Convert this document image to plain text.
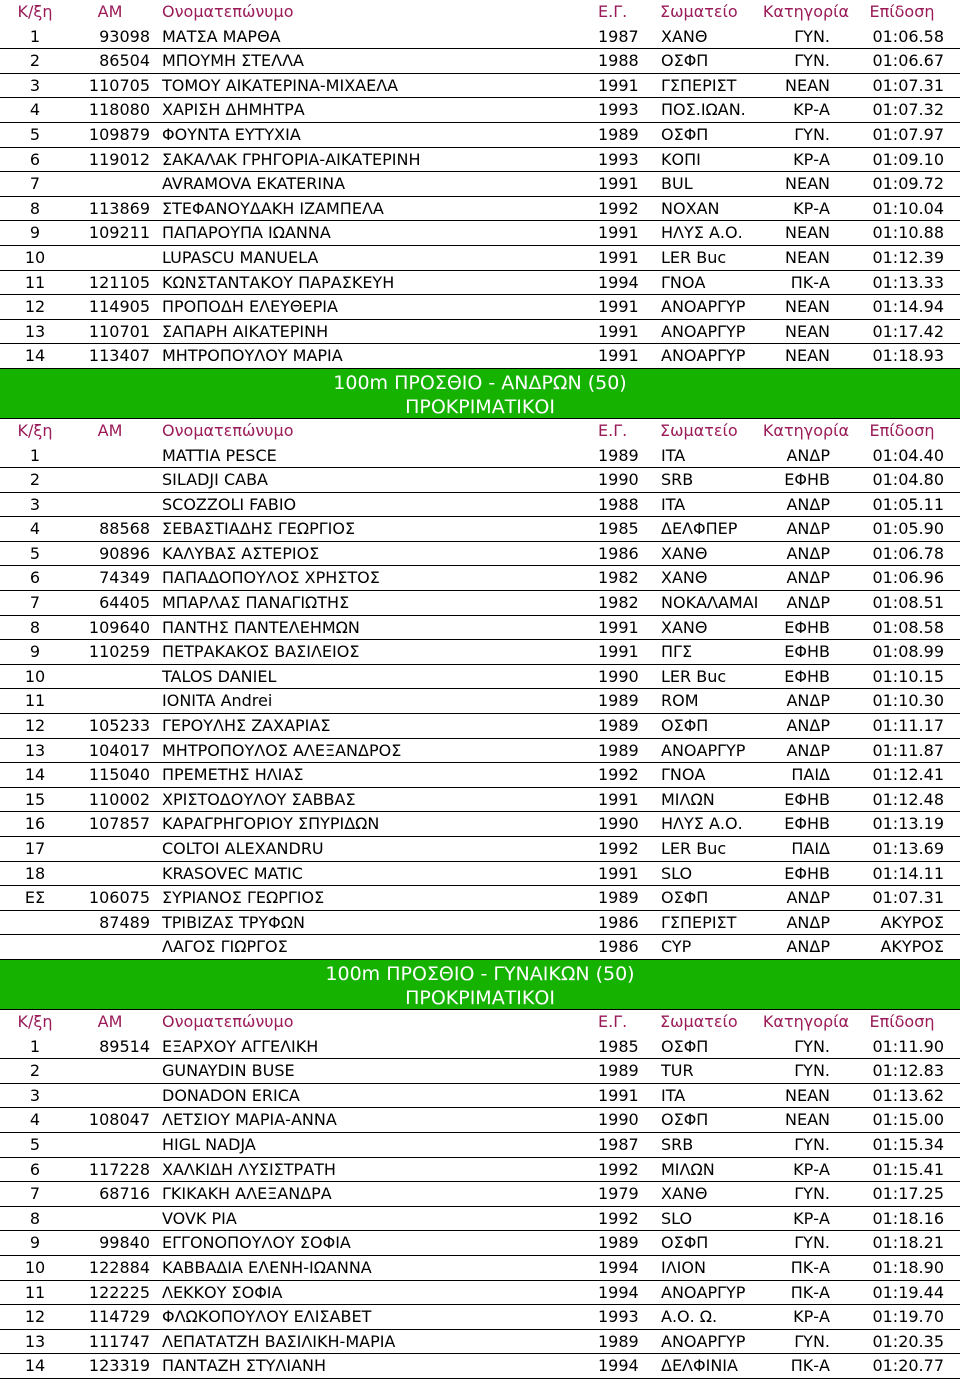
Κ/ξη	ΑΜ	Ονοματεπώνυμο	Ε.Γ.	Σωματείο	Κατηγορία	Επίδοση
1	93098 ΜΑΤΣΑ ΜΑΡΘΑ	1987	ΧΑΝΘ	ΓΥΝ.	01:06.58
2	86504 ΜΠΟΥΜΗ ΣΤΕΛΛΑ	1988	ΟΣΦΠ	ΓΥΝ.	01:06.67
3	110705 ΤΟΜΟΥ ΑΙΚΑΤΕΡΙΝΑ-ΜΙΧΑΕΛΑ	1991	ΓΣΠΕΡΙΣΤ	ΝΕΑΝ	01:07.31
4	118080 ΧΑΡΙΣΗ ΔΗΜΗΤΡΑ	1993	ΠΟΣ.ΙΩΑΝ.	ΚΡ-Α	01:07.32
5	109879 ΦΟΥΝΤΑ ΕΥΤΥΧΙΑ	1989	ΟΣΦΠ	ΓΥΝ.	01:07.97
6	119012 ΣΑΚΑΛΑΚ ΓΡΗΓΟΡΙΑ-ΑΙΚΑΤΕΡΙΝΗ	1993	ΚΟΠΙ	ΚΡ-Α	01:09.10
7	AVRAMOVA EKATERINA	1991	BUL	ΝΕΑΝ	01:09.72
8	113869 ΣΤΕΦΑΝΟΥΔΑΚΗ ΙΖΑΜΠΕΛΑ	1992	ΝΟΧΑΝ	ΚΡ-Α	01:10.04
9	109211 ΠΑΠΑΡΟΥΠΑ ΙΩΑΝΝΑ	1991	ΗΛΥΣ Α.Ο.	ΝΕΑΝ	01:10.88
10	LUPASCU MANUELA	1991	LER Buc	ΝΕΑΝ	01:12.39
11	121105 ΚΩΝΣΤΑΝΤΑΚΟΥ ΠΑΡΑΣΚΕΥΗ	1994	ΓΝΟΑ	ΠΚ-Α	01:13.33
12	114905 ΠΡΟΠΟΔΗ ΕΛΕΥΘΕΡΙΑ	1991	ΑΝΟΑΡΓΥΡ	ΝΕΑΝ	01:14.94
13	110701 ΣΑΠΑΡΗ ΑΙΚΑΤΕΡΙΝΗ	1991	ΑΝΟΑΡΓΥΡ	ΝΕΑΝ	01:17.42
14	113407 ΜΗΤΡΟΠΟΥΛΟΥ ΜΑΡΙΑ	1991	ΑΝΟΑΡΓΥΡ	ΝΕΑΝ	01:18.93
100m ΠΡΟΣΘΙΟ - ΑΝΔΡΩΝ (50)
ΠΡΟΚΡΙΜΑΤΙΚΟΙ
Κ/ξη	ΑΜ	Ονοματεπώνυμο	Ε.Γ.	Σωματείο	Κατηγορία	Επίδοση
1	MATTIA PESCE	1989	ITA	ΑΝΔΡ	01:04.40
2	SILADJI CABA	1990	SRB	ΕΦΗΒ	01:04.80
3	SCOZZOLI FABIO	1988	ITA	ΑΝΔΡ	01:05.11
4	88568 ΣΕΒΑΣΤΙΑΔΗΣ ΓΕΩΡΓΙΟΣ	1985	ΔΕΛΦΠΕΡ	ΑΝΔΡ	01:05.90
5	90896 ΚΑΛΥΒΑΣ ΑΣΤΕΡΙΟΣ	1986	ΧΑΝΘ	ΑΝΔΡ	01:06.78
6	74349 ΠΑΠΑΔΟΠΟΥΛΟΣ ΧΡΗΣΤΟΣ	1982	ΧΑΝΘ	ΑΝΔΡ	01:06.96
7	64405 ΜΠΑΡΛΑΣ ΠΑΝΑΓΙΩΤΗΣ	1982	ΝΟΚΑΛΑΜΑΙ	ΑΝΔΡ	01:08.51
8	109640 ΠΑΝΤΗΣ ΠΑΝΤΕΛΕΗΜΩΝ	1991	ΧΑΝΘ	ΕΦΗΒ	01:08.58
9	110259 ΠΕΤΡΑΚΑΚΟΣ ΒΑΣΙΛΕΙΟΣ	1991	ΠΓΣ	ΕΦΗΒ	01:08.99
10	TALOS DANIEL	1990	LER Buc	ΕΦΗΒ	01:10.15
11	IONITA Andrei	1989	ROM	ΑΝΔΡ	01:10.30
12	105233 ΓΕΡΟΥΛΗΣ ΖΑΧΑΡΙΑΣ	1989	ΟΣΦΠ	ΑΝΔΡ	01:11.17
13	104017 ΜΗΤΡΟΠΟΥΛΟΣ ΑΛΕΞΑΝΔΡΟΣ	1989	ΑΝΟΑΡΓΥΡ	ΑΝΔΡ	01:11.87
14	115040 ΠΡΕΜΕΤΗΣ ΗΛΙΑΣ	1992	ΓΝΟΑ	ΠΑΙΔ	01:12.41
15	110002 ΧΡΙΣΤΟΔΟΥΛΟΥ ΣΑΒΒΑΣ	1991	ΜΙΛΩΝ	ΕΦΗΒ	01:12.48
16	107857 ΚΑΡΑΓΡΗΓΟΡΙΟΥ ΣΠΥΡΙΔΩΝ	1990	ΗΛΥΣ Α.Ο.	ΕΦΗΒ	01:13.19
17	COLTOI ALEXANDRU	1992	LER Buc	ΠΑΙΔ	01:13.69
18	KRASOVEC MATIC	1991	SLO	ΕΦΗΒ	01:14.11
ΕΣ	106075 ΣΥΡΙΑΝΟΣ ΓΕΩΡΓΙΟΣ	1989	ΟΣΦΠ	ΑΝΔΡ	01:07.31
87489 ΤΡΙΒΙΖΑΣ ΤΡΥΦΩΝ	1986	ΓΣΠΕΡΙΣΤ	ΑΝΔΡ	ΑΚΥΡΟΣ
ΛΑΓΟΣ ΓΙΩΡΓΟΣ	1986	CYP	ΑΝΔΡ	ΑΚΥΡΟΣ
100m ΠΡΟΣΘΙΟ - ΓΥΝΑΙΚΩΝ (50)
ΠΡΟΚΡΙΜΑΤΙΚΟΙ
Κ/ξη	ΑΜ	Ονοματεπώνυμο	Ε.Γ.	Σωματείο	Κατηγορία	Επίδοση
1	89514 ΕΞΑΡΧΟΥ ΑΓΓΕΛΙΚΗ	1985	ΟΣΦΠ	ΓΥΝ.	01:11.90
2	GUNAYDIN BUSE	1989	TUR	ΓΥΝ.	01:12.83
3	DONADON ERICA	1991	ITA	ΝΕΑΝ	01:13.62
4	108047 ΛΕΤΣΙΟΥ ΜΑΡΙΑ-ΑΝΝΑ	1990	ΟΣΦΠ	ΝΕΑΝ	01:15.00
5	HIGL NADJA	1987	SRB	ΓΥΝ.	01:15.34
6	117228 ΧΑΛΚΙΔΗ ΛΥΣΙΣΤΡΑΤΗ	1992	ΜΙΛΩΝ	ΚΡ-Α	01:15.41
7	68716 ΓΚΙΚΑΚΗ ΑΛΕΞΑΝΔΡΑ	1979	ΧΑΝΘ	ΓΥΝ.	01:17.25
8	VOVK PIA	1992	SLO	ΚΡ-Α	01:18.16
9	99840 ΕΓΓΟΝΟΠΟΥΛΟΥ ΣΟΦΙΑ	1989	ΟΣΦΠ	ΓΥΝ.	01:18.21
10	122884 ΚΑΒΒΑΔΙΑ ΕΛΕΝΗ-ΙΩΑΝΝΑ	1994	ΙΛΙΟΝ	ΠΚ-Α	01:18.90
11	122225 ΛΕΚΚΟΥ ΣΟΦΙΑ	1994	ΑΝΟΑΡΓΥΡ	ΠΚ-Α	01:19.44
12	114729 ΦΛΩΚΟΠΟΥΛΟΥ ΕΛΙΣΑΒΕΤ	1993	Α.Ο. Ω.	ΚΡ-Α	01:19.70
13	111747 ΛΕΠΑΤΑΤΖΗ ΒΑΣΙΛΙΚΗ-ΜΑΡΙΑ	1989	ΑΝΟΑΡΓΥΡ	ΓΥΝ.	01:20.35
14	123319 ΠΑΝΤΑΖΗ ΣΤΥΛΙΑΝΗ	1994	ΔΕΛΦΙΝΙΑ	ΠΚ-Α	01:20.77
